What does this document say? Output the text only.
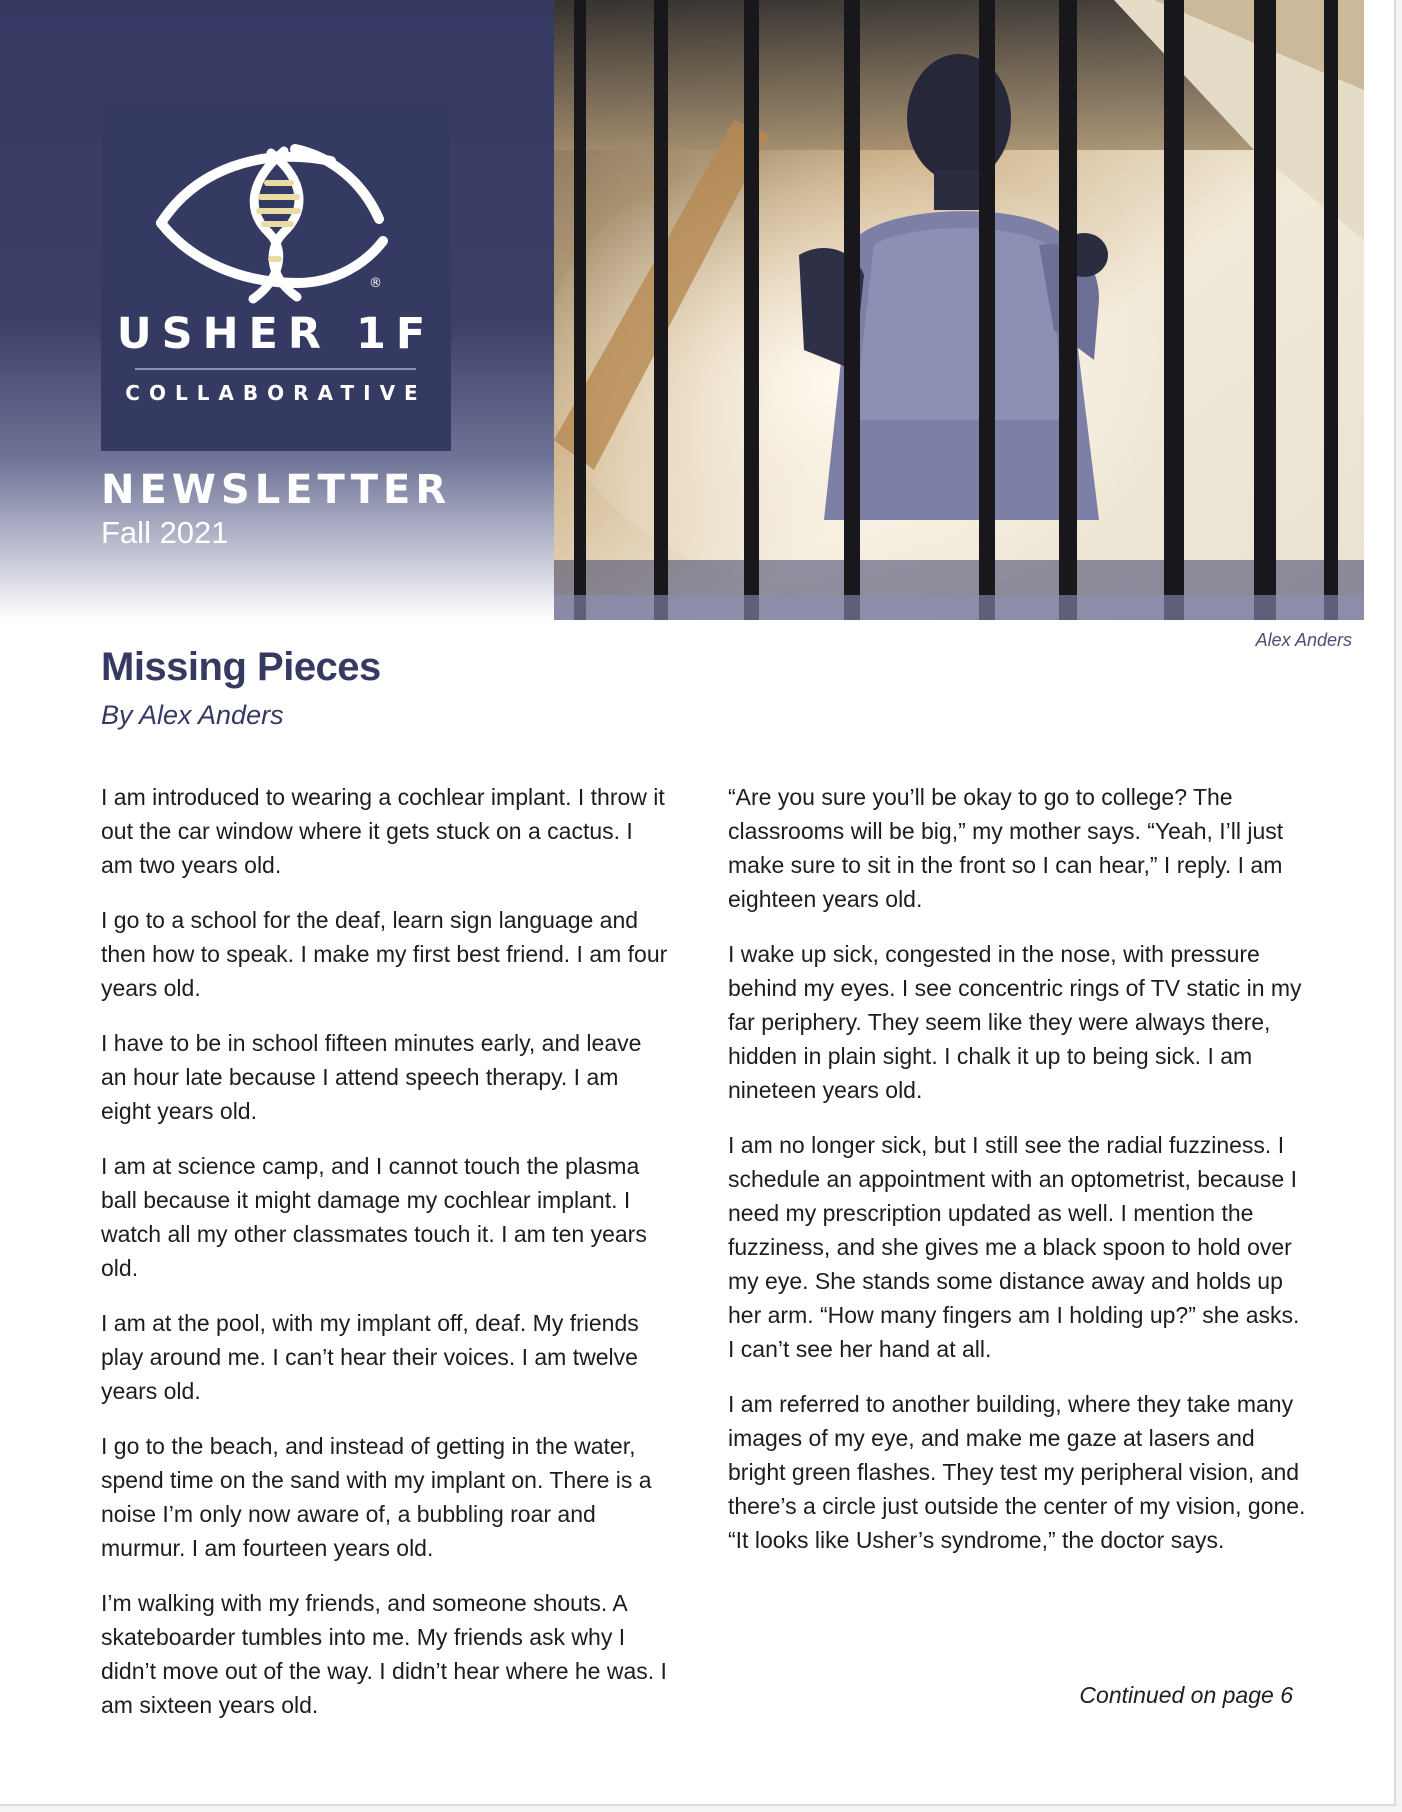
®
USHER 1F
COLLABORATIVE
NEWSLETTER
Fall 2021
Alex Anders
Missing Pieces
By Alex Anders

I am introduced to wearing a cochlear implant. I throw it out the car window where it gets stuck on a cactus. I am two years old.

I go to a school for the deaf, learn sign language and then how to speak. I make my first best friend. I am four years old.

I have to be in school fifteen minutes early, and leave an hour late because I attend speech therapy. I am eight years old.

I am at science camp, and I cannot touch the plasma ball because it might damage my cochlear implant. I watch all my other classmates touch it. I am ten years old.

I am at the pool, with my implant off, deaf. My friends play around me. I can’t hear their voices. I am twelve years old.

I go to the beach, and instead of getting in the water, spend time on the sand with my implant on. There is a noise I’m only now aware of, a bubbling roar and murmur. I am fourteen years old.

I’m walking with my friends, and someone shouts. A skateboarder tumbles into me. My friends ask why I didn’t move out of the way. I didn’t hear where he was. I am sixteen years old.

“Are you sure you’ll be okay to go to college? The classrooms will be big,” my mother says. “Yeah, I’ll just make sure to sit in the front so I can hear,” I reply. I am eighteen years old.

I wake up sick, congested in the nose, with pressure behind my eyes. I see concentric rings of TV static in my far periphery. They seem like they were always there, hidden in plain sight. I chalk it up to being sick. I am nineteen years old.

I am no longer sick, but I still see the radial fuzziness. I schedule an appointment with an optometrist, because I need my prescription updated as well. I mention the fuzziness, and she gives me a black spoon to hold over my eye. She stands some distance away and holds up her arm. “How many fingers am I holding up?” she asks. I can’t see her hand at all.

I am referred to another building, where they take many images of my eye, and make me gaze at lasers and bright green flashes. They test my peripheral vision, and there’s a circle just outside the center of my vision, gone. “It looks like Usher’s syndrome,” the doctor says.

Continued on page 6
